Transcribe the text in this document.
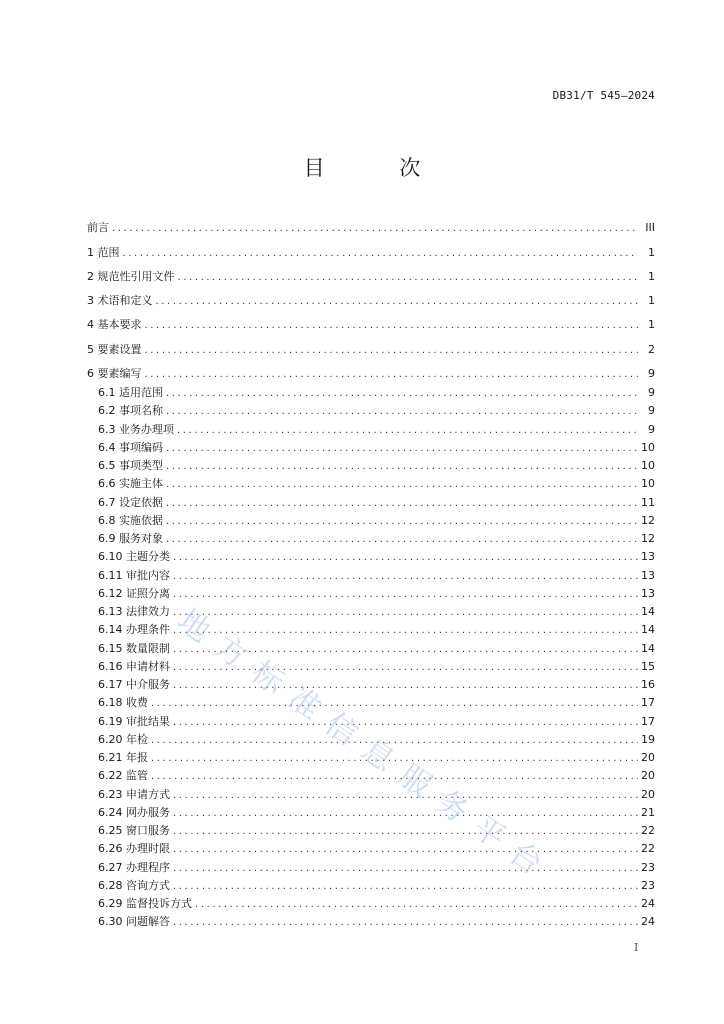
DB31/T 545—2024
目 次
前言 .....	III
1 范围 .....	1
2 规范性引用文件 .....	1
3 术语和定义 .....	1
4 基本要求 .....	1
5 要素设置 .....	2
6 要素编写 .....	9
6.1 适用范围 .....	9
6.2 事项名称 .....	9
6.3 业务办理项 .....	9
6.4 事项编码 .....	10
6.5 事项类型 .....	10
6.6 实施主体 .....	10
6.7 设定依据 .....	11
6.8 实施依据 .....	12
6.9 服务对象 .....	12
6.10 主题分类 .....	13
6.11 审批内容 .....	13
6.12 证照分离 .....	13
6.13 法律效力 .....	14
6.14 办理条件 .....	14
6.15 数量限制 .....	14
6.16 申请材料 .....	15
6.17 中介服务 .....	16
6.18 收费 .....	17
6.19 审批结果 .....	17
6.20 年检 .....	19
6.21 年报 .....	20
6.22 监管 .....	20
6.23 申请方式 .....	20
6.24 网办服务 .....	21
6.25 窗口服务 .....	22
6.26 办理时限 .....	22
6.27 办理程序 .....	23
6.28 咨询方式 .....	23
6.29 监督投诉方式 .....	24
6.30 问题解答 .....	24
I
地方标准信息服务平台
